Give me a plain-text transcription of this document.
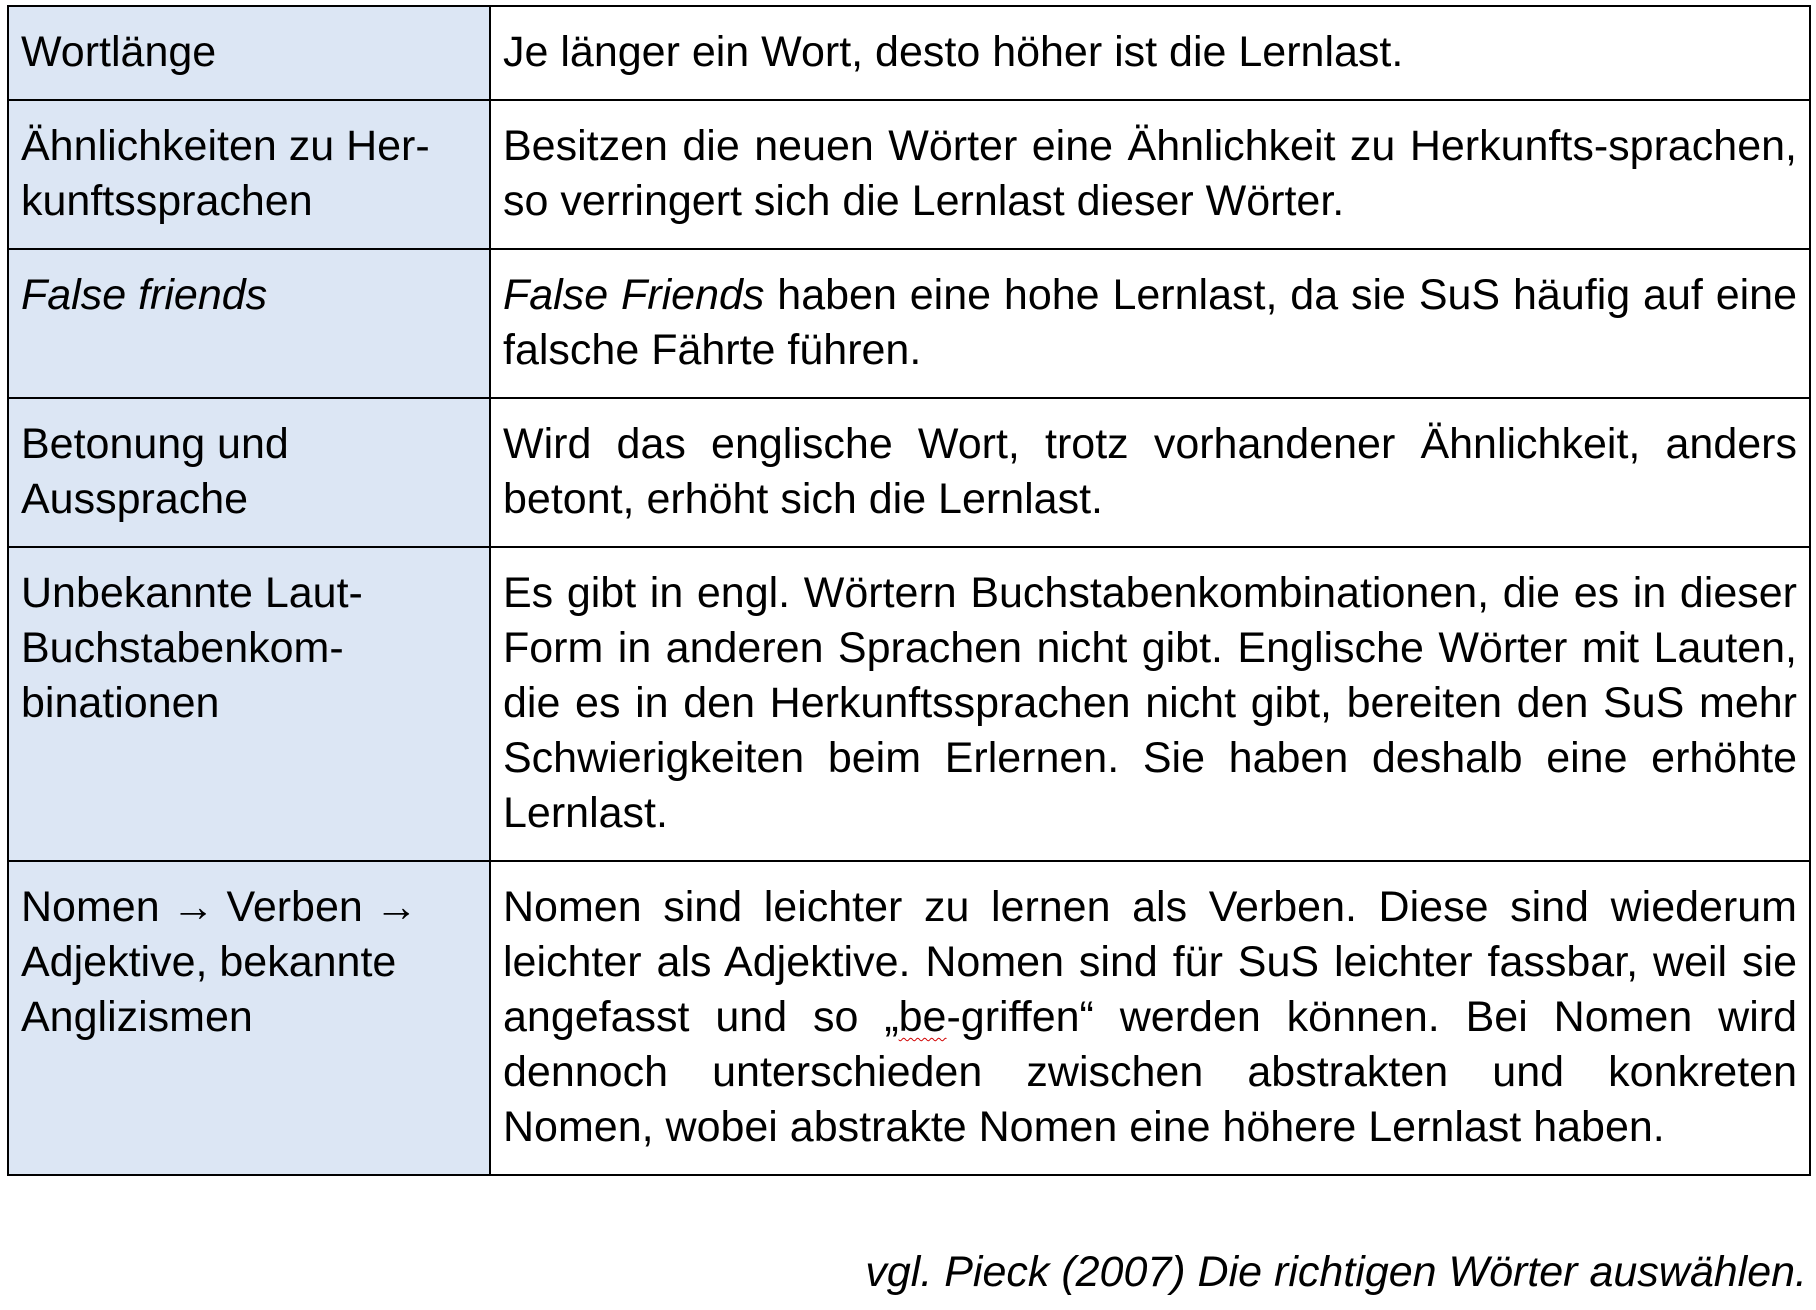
Wortlänge	Je länger ein Wort, desto höher ist die Lernlast.
Ähnlichkeiten zu Her-kunftssprachen	Besitzen die neuen Wörter eine Ähnlichkeit zu Herkunfts-sprachen, so verringert sich die Lernlast dieser Wörter.
False friends	False Friends haben eine hohe Lernlast, da sie SuS häufig auf eine falsche Fährte führen.
Betonung und Aussprache	Wird das englische Wort, trotz vorhandener Ähnlichkeit, anders betont, erhöht sich die Lernlast.
Unbekannte Laut-Buchstabenkom-binationen	Es gibt in engl. Wörtern Buchstabenkombinationen, die es in dieser Form in anderen Sprachen nicht gibt. Englische Wörter mit Lauten, die es in den Herkunftssprachen nicht gibt, bereiten den SuS mehr Schwierigkeiten beim Erlernen. Sie haben deshalb eine erhöhte Lernlast.
Nomen → Verben → Adjektive, bekannte Anglizismen	Nomen sind leichter zu lernen als Verben. Diese sind wiederum leichter als Adjektive. Nomen sind für SuS leichter fassbar, weil sie angefasst und so „be-griffen“ werden können. Bei Nomen wird dennoch unterschieden zwischen abstrakten und konkreten Nomen, wobei abstrakte Nomen eine höhere Lernlast haben.
vgl. Pieck (2007) Die richtigen Wörter auswählen.
